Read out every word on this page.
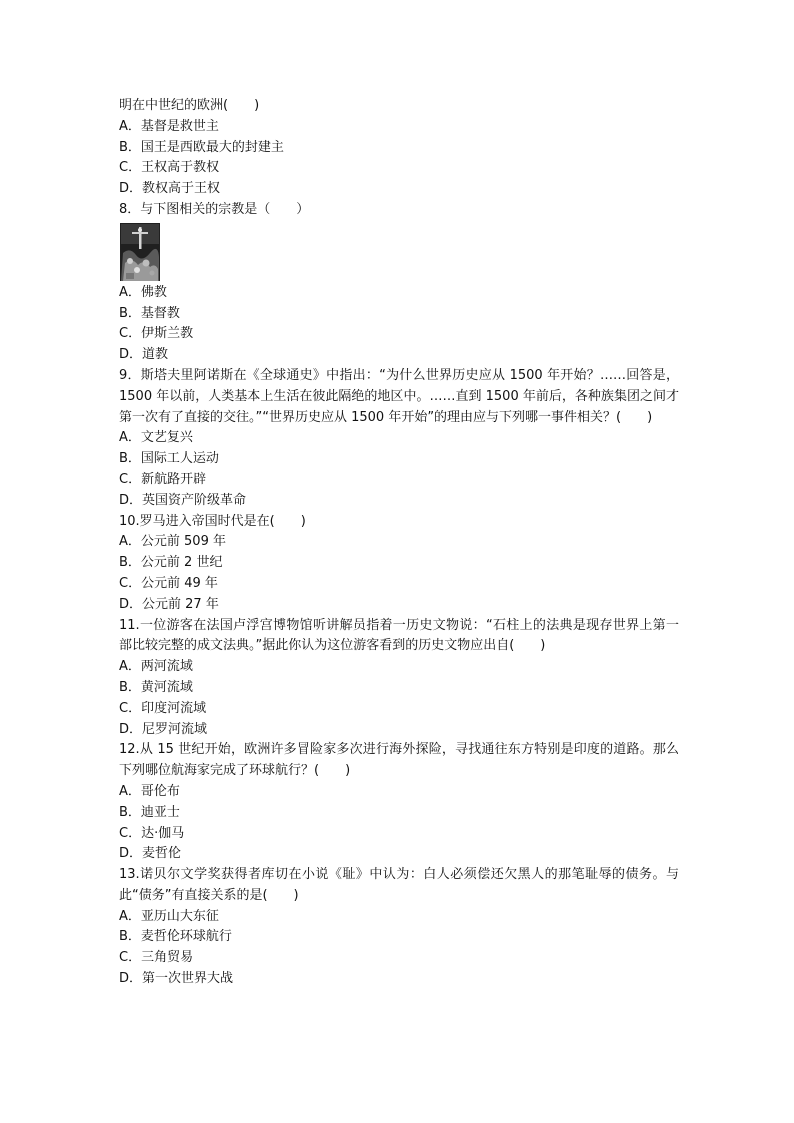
明在中世纪的欧洲(　　)
A．基督是救世主
B．国王是西欧最大的封建主
C．王权高于教权
D．教权高于王权
8．与下图相关的宗教是（　　）
A．佛教
B．基督教
C．伊斯兰教
D．道教
9．斯塔夫里阿诺斯在《全球通史》中指出：“为什么世界历史应从 1500 年开始？……回答是，1500 年以前，人类基本上生活在彼此隔绝的地区中。……直到 1500 年前后，各种族集团之间才第一次有了直接的交往。”“世界历史应从 1500 年开始”的理由应与下列哪一事件相关？(　　)
A．文艺复兴
B．国际工人运动
C．新航路开辟
D．英国资产阶级革命
10.罗马进入帝国时代是在(　　)
A．公元前 509 年
B．公元前 2 世纪
C．公元前 49 年
D．公元前 27 年
11.一位游客在法国卢浮宫博物馆听讲解员指着一历史文物说：“石柱上的法典是现存世界上第一部比较完整的成文法典。”据此你认为这位游客看到的历史文物应出自(　　)
A．两河流域
B．黄河流域
C．印度河流域
D．尼罗河流域
12.从 15 世纪开始，欧洲许多冒险家多次进行海外探险，寻找通往东方特别是印度的道路。那么下列哪位航海家完成了环球航行？(　　)
A．哥伦布
B．迪亚士
C．达·伽马
D．麦哲伦
13.诺贝尔文学奖获得者库切在小说《耻》中认为：白人必须偿还欠黑人的那笔耻辱的债务。与此“债务”有直接关系的是(　　)
A．亚历山大东征
B．麦哲伦环球航行
C．三角贸易
D．第一次世界大战
